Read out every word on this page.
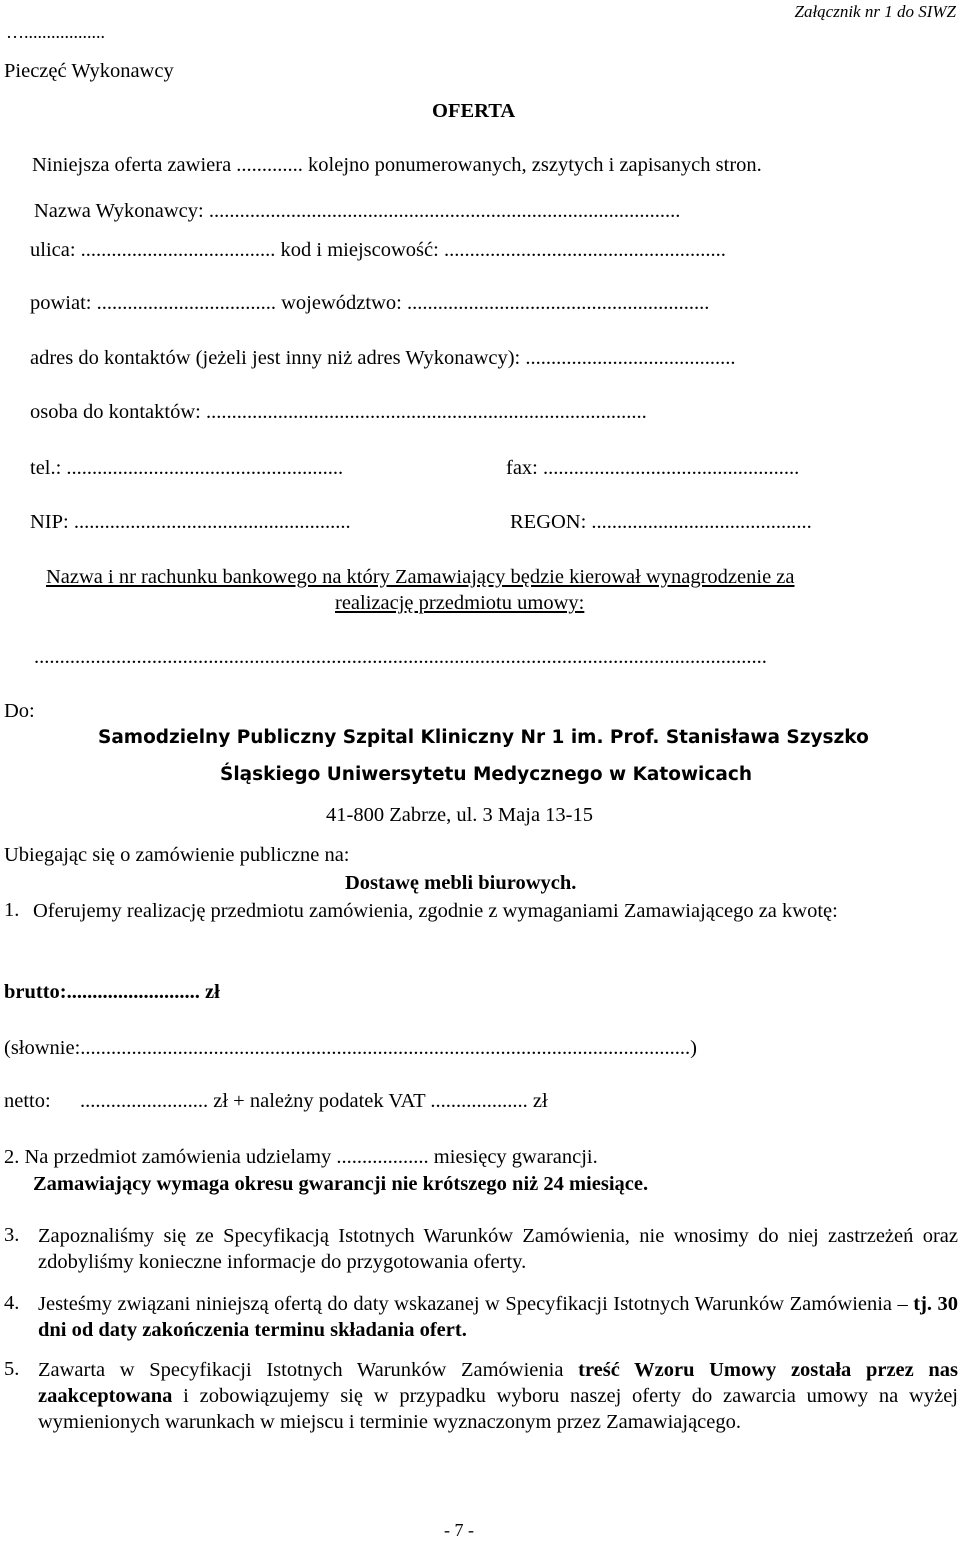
Załącznik nr 1 do SIWZ
…..................
Pieczęć Wykonawcy
OFERTA
Niniejsza oferta zawiera ............. kolejno ponumerowanych, zszytych i zapisanych stron.
Nazwa Wykonawcy: ............................................................................................
ulica: ...................................... kod i miejscowość: .......................................................
powiat: ................................... województwo: ...........................................................
adres do kontaktów (jeżeli jest inny niż adres Wykonawcy): .........................................
osoba do kontaktów: ......................................................................................
tel.: ......................................................	fax: ..................................................
NIP: ......................................................	REGON: ...........................................
Nazwa i nr rachunku bankowego na który Zamawiający będzie kierował wynagrodzenie za
realizację przedmiotu umowy:
...............................................................................................................................................
Do:
Samodzielny Publiczny Szpital Kliniczny Nr 1 im. Prof. Stanisława Szyszko
Śląskiego Uniwersytetu Medycznego w Katowicach
41-800 Zabrze, ul. 3 Maja 13-15
Ubiegając się o zamówienie publiczne na:
Dostawę mebli biurowych.
1. Oferujemy realizację przedmiotu zamówienia, zgodnie z wymaganiami Zamawiającego za kwotę:
brutto:.......................... zł
(słownie:.......................................................................................................................)
netto: ......................... zł + należny podatek VAT ................... zł
2. Na przedmiot zamówienia udzielamy .................. miesięcy gwarancji.
Zamawiający wymaga okresu gwarancji nie krótszego niż 24 miesiące.
3. Zapoznaliśmy się ze Specyfikacją Istotnych Warunków Zamówienia, nie wnosimy do niej zastrzeżeń oraz zdobyliśmy konieczne informacje do przygotowania oferty.
4. Jesteśmy związani niniejszą ofertą do daty wskazanej w Specyfikacji Istotnych Warunków Zamówienia – tj. 30 dni od daty zakończenia terminu składania ofert.
5. Zawarta w Specyfikacji Istotnych Warunków Zamówienia treść Wzoru Umowy została przez nas zaakceptowana i zobowiązujemy się w przypadku wyboru naszej oferty do zawarcia umowy na wyżej wymienionych warunkach w miejscu i terminie wyznaczonym przez Zamawiającego.
- 7 -
